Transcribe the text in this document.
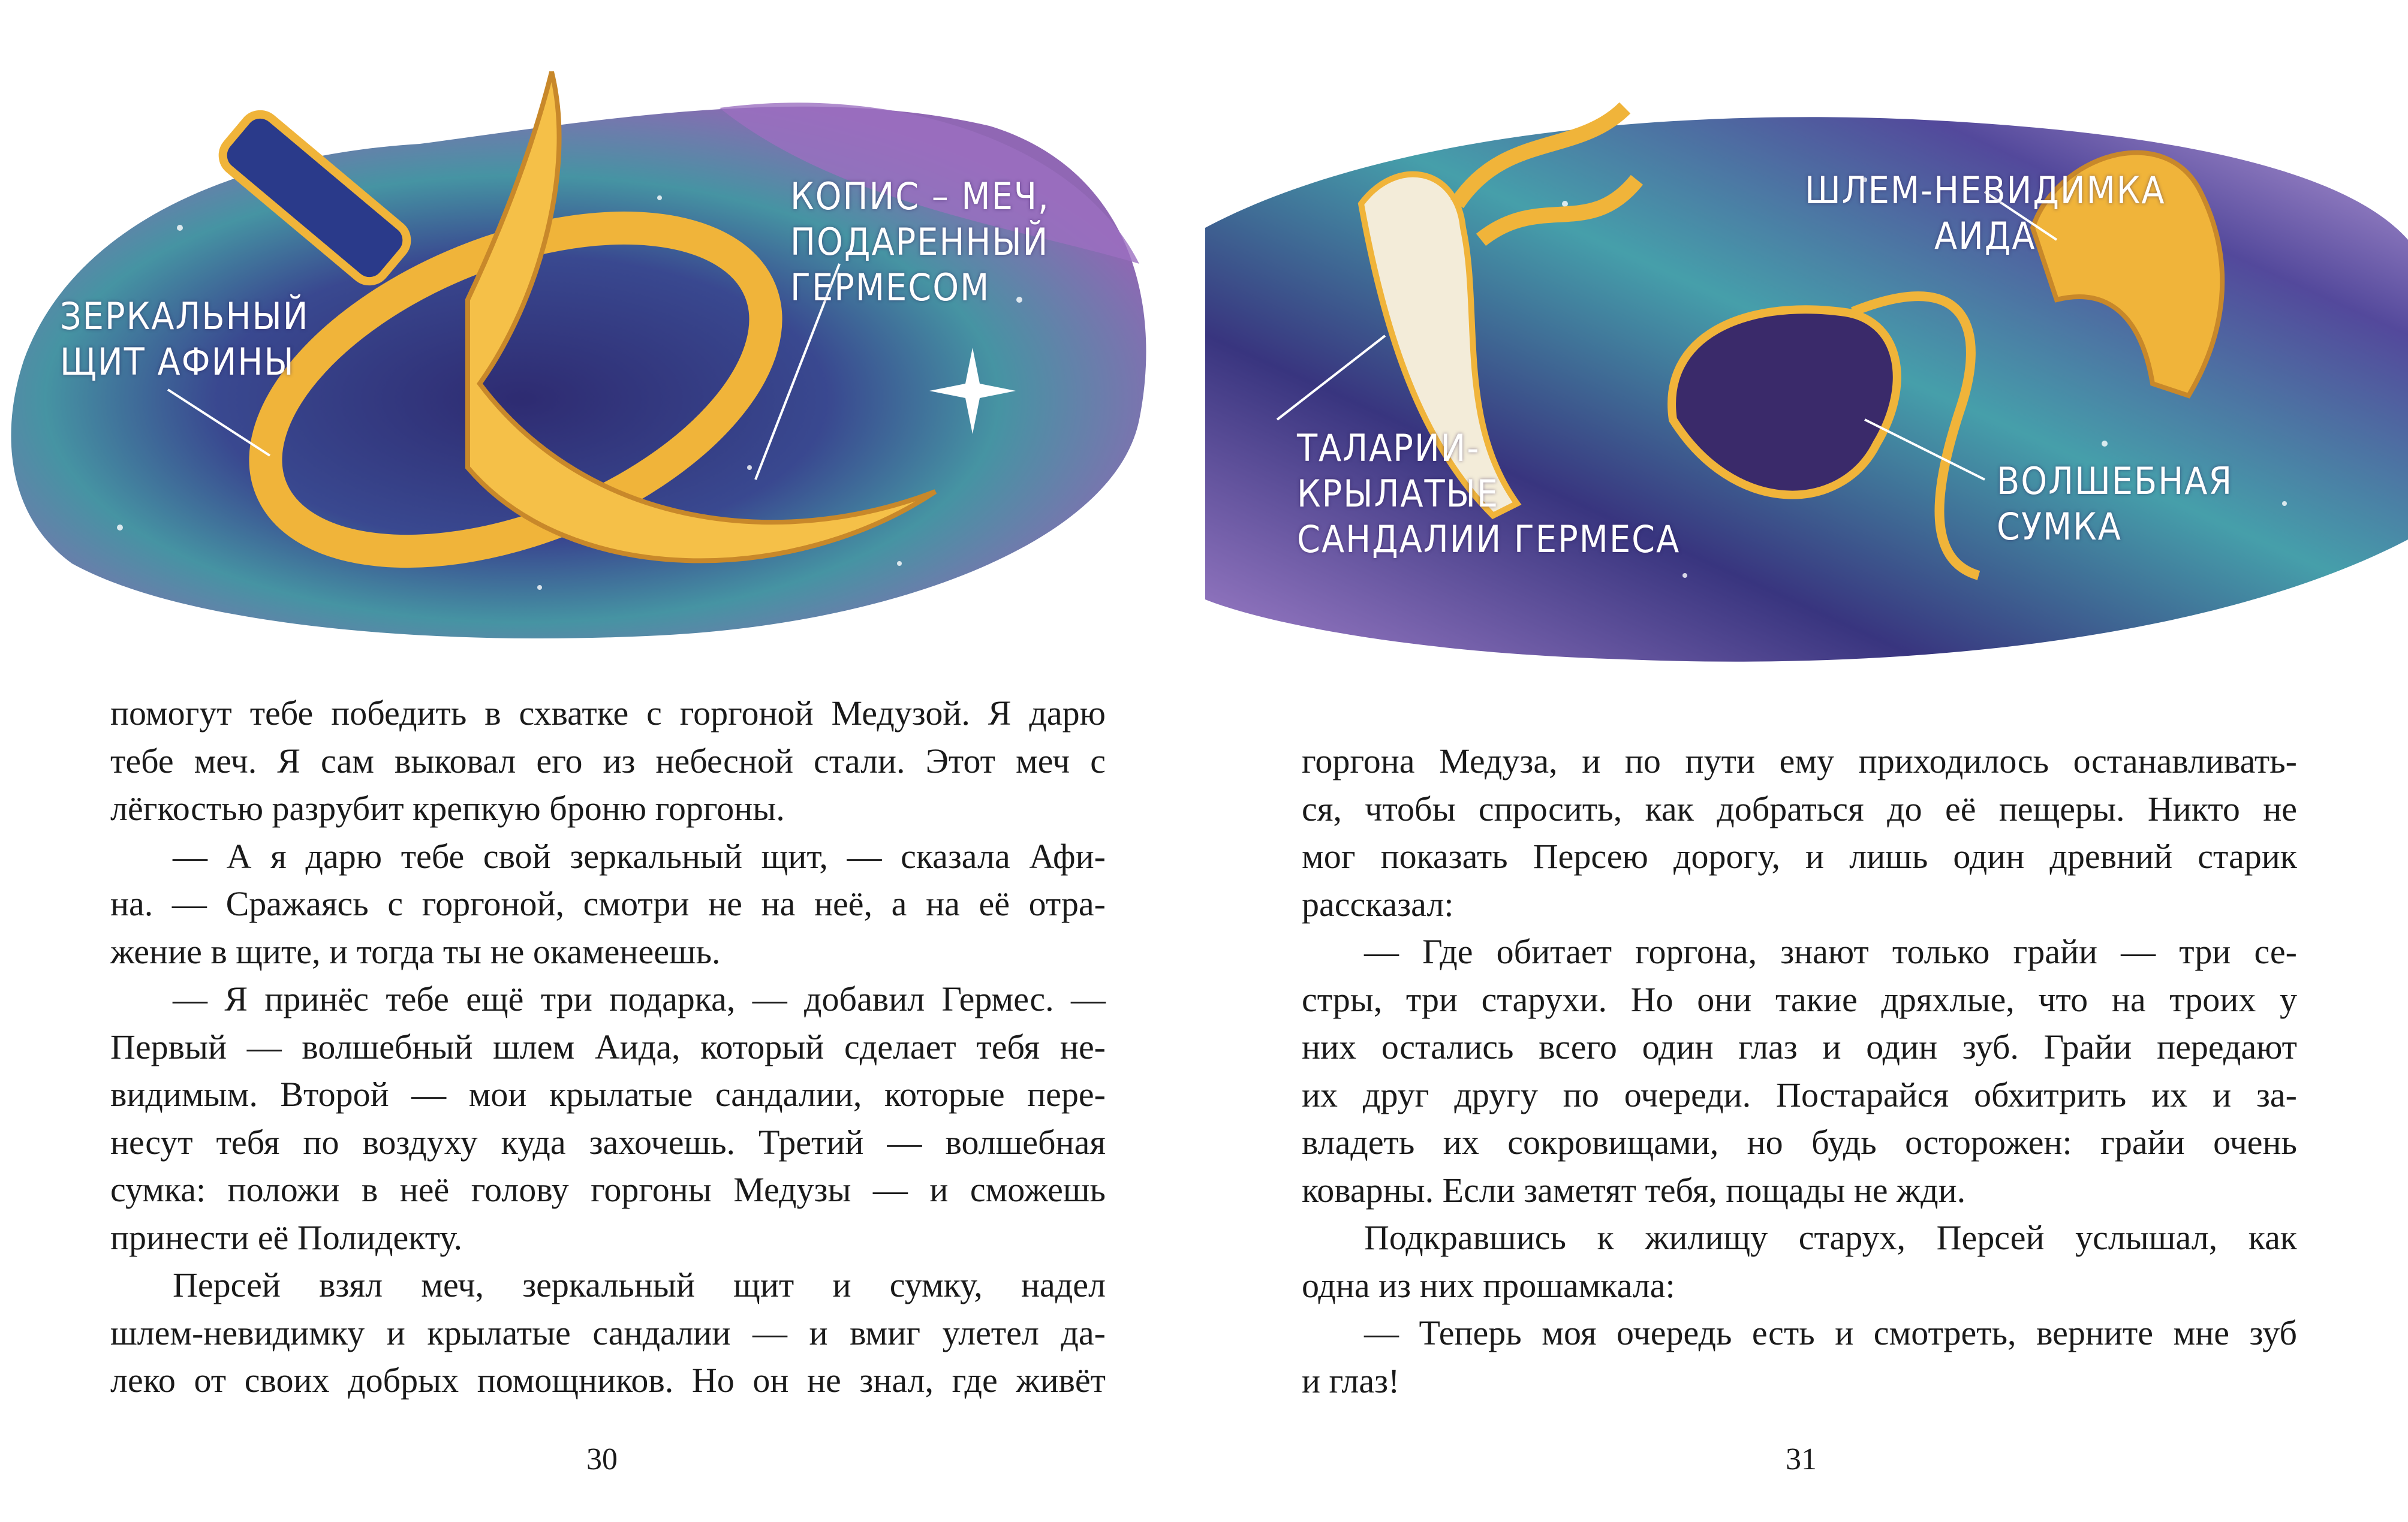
ЗЕРКАЛЬНЫЙ
ЩИТ АФИНЫ
КОПИС – МЕЧ,
ПОДАРЕННЫЙ
ГЕРМЕСОМ
ШЛЕМ-НЕВИДИМКА
АИДА
ТАЛАРИИ-
КРЫЛАТЫЕ
САНДАЛИИ ГЕРМЕСА
ВОЛШЕБНАЯ
СУМКА
помогут тебе победить в схватке с горгоной Медузой. Я дарю
тебе меч. Я сам выковал его из небесной стали. Этот меч с
лёгкостью разрубит крепкую броню горгоны.
— А я дарю тебе свой зеркальный щит, — сказала Афи-
на. — Сражаясь с горгоной, смотри не на неё, а на её отра-
жение в щите, и тогда ты не окаменеешь.
— Я принёс тебе ещё три подарка, — добавил Гермес. —
Первый — волшебный шлем Аида, который сделает тебя не-
видимым. Второй — мои крылатые сандалии, которые пере-
несут тебя по воздуху куда захочешь. Третий — волшебная
сумка: положи в неё голову горгоны Медузы — и сможешь
принести её Полидекту.
Персей взял меч, зеркальный щит и сумку, надел
шлем-невидимку и крылатые сандалии — и вмиг улетел да-
леко от своих добрых помощников. Но он не знал, где живёт
горгона Медуза, и по пути ему приходилось останавливать-
ся, чтобы спросить, как добраться до её пещеры. Никто не
мог показать Персею дорогу, и лишь один древний старик
рассказал:
— Где обитает горгона, знают только грайи — три се-
стры, три старухи. Но они такие дряхлые, что на троих у
них остались всего один глаз и один зуб. Грайи передают
их друг другу по очереди. Постарайся обхитрить их и за-
владеть их сокровищами, но будь осторожен: грайи очень
коварны. Если заметят тебя, пощады не жди.
Подкравшись к жилищу старух, Персей услышал, как
одна из них прошамкала:
— Теперь моя очередь есть и смотреть, верните мне зуб
и глаз!
30	31
